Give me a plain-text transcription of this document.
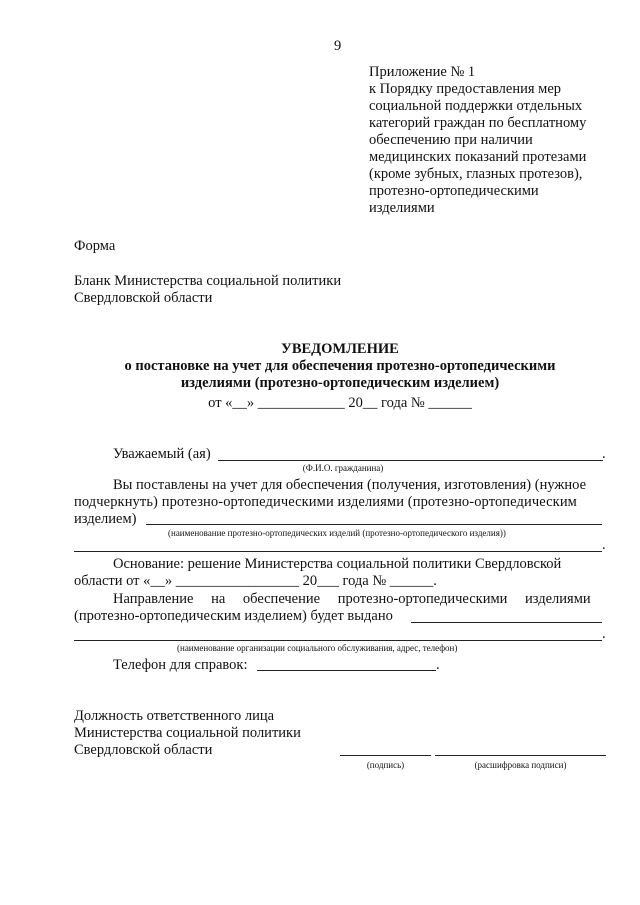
9
Приложение № 1
к Порядку предоставления мер
социальной поддержки отдельных
категорий граждан по бесплатному
обеспечению при наличии
медицинских показаний протезами
(кроме зубных, глазных протезов),
протезно-ортопедическими
изделиями
Форма
Бланк Министерства социальной политики
Свердловской области
УВЕДОМЛЕНИЕ
о постановке на учет для обеспечения протезно-ортопедическими
изделиями (протезно-ортопедическим изделием)
от «__» ____________ 20__ года № ______
Уважаемый (ая)	.
(Ф.И.О. гражданина)
Вы поставлены на учет для обеспечения (получения, изготовления) (нужное
подчеркнуть) протезно-ортопедическими изделиями (протезно-ортопедическим
изделием)
(наименование протезно-ортопедических изделий (протезно-ортопедического изделия))
.
Основание: решение Министерства социальной политики Свердловской
области от «__» _________________ 20___ года № ______.
Направление на обеспечение протезно-ортопедическими изделиями
(протезно-ортопедическим изделием) будет выдано
.
(наименование организации социального обслуживания, адрес, телефон)
Телефон для справок:	.
Должность ответственного лица
Министерства социальной политики
Свердловской области
(подпись)	(расшифровка подписи)
